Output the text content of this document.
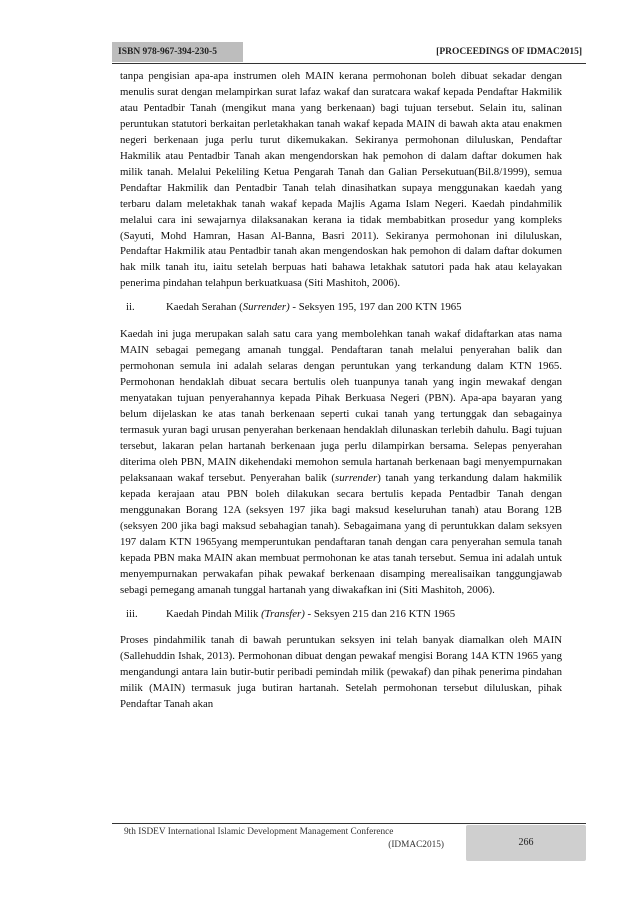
ISBN 978-967-394-230-5	[PROCEEDINGS OF IDMAC2015]

tanpa pengisian apa-apa instrumen oleh MAIN kerana permohonan boleh dibuat sekadar dengan menulis surat dengan melampirkan surat lafaz wakaf dan suratcara wakaf kepada Pendaftar Hakmilik atau Pentadbir Tanah (mengikut mana yang berkenaan) bagi tujuan tersebut. Selain itu, salinan peruntukan statutori berkaitan perletakhakan tanah wakaf kepada MAIN di bawah akta atau enakmen negeri berkenaan juga perlu turut dikemukakan. Sekiranya permohonan diluluskan, Pendaftar Hakmilik atau Pentadbir Tanah akan mengendorskan hak pemohon di dalam daftar dokumen hak milik tanah. Melalui Pekeliling Ketua Pengarah Tanah dan Galian Persekutuan(Bil.8/1999), semua Pendaftar Hakmilik dan Pentadbir Tanah telah dinasihatkan supaya menggunakan kaedah yang terbaru dalam meletakhak tanah wakaf kepada Majlis Agama Islam Negeri. Kaedah pindahmilik melalui cara ini sewajarnya dilaksanakan kerana ia tidak membabitkan prosedur yang kompleks (Sayuti, Mohd Hamran, Hasan Al-Banna, Basri 2011). Sekiranya permohonan ini diluluskan, Pendaftar Hakmilik atau Pentadbir tanah akan mengendoskan hak pemohon di dalam daftar dokumen hak milk tanah itu, iaitu setelah berpuas hati bahawa letakhak satutori pada hak atau kelayakan penerima pindahan telahpun berkuatkuasa (Siti Mashitoh, 2006).

ii.	Kaedah Serahan (Surrender) - Seksyen 195, 197 dan 200 KTN 1965

Kaedah ini juga merupakan salah satu cara yang membolehkan tanah wakaf didaftarkan atas nama MAIN sebagai pemegang amanah tunggal. Pendaftaran tanah melalui penyerahan balik dan permohonan semula ini adalah selaras dengan peruntukan yang terkandung dalam KTN 1965. Permohonan hendaklah dibuat secara bertulis oleh tuanpunya tanah yang ingin mewakaf dengan menyatakan tujuan penyerahannya kepada Pihak Berkuasa Negeri (PBN). Apa-apa bayaran yang belum dijelaskan ke atas tanah berkenaan seperti cukai tanah yang tertunggak dan sebagainya termasuk yuran bagi urusan penyerahan berkenaan hendaklah dilunaskan terlebih dahulu. Bagi tujuan tersebut, lakaran pelan hartanah berkenaan juga perlu dilampirkan bersama. Selepas penyerahan diterima oleh PBN, MAIN dikehendaki memohon semula hartanah berkenaan bagi menyempurnakan pelaksanaan wakaf tersebut. Penyerahan balik (surrender) tanah yang terkandung dalam hakmilik kepada kerajaan atau PBN boleh dilakukan secara bertulis kepada Pentadbir Tanah dengan menggunakan Borang 12A (seksyen 197 jika bagi maksud keseluruhan tanah) atau Borang 12B (seksyen 200 jika bagi maksud sebahagian tanah). Sebagaimana yang di peruntukkan dalam seksyen 197 dalam KTN 1965yang memperuntukan pendaftaran tanah dengan cara penyerahan semula tanah kepada PBN maka MAIN akan membuat permohonan ke atas tanah tersebut. Semua ini adalah untuk menyempurnakan perwakafan pihak pewakaf berkenaan disamping merealisaikan tanggungjawab sebagi pemegang amanah tunggal hartanah yang diwakafkan ini (Siti Mashitoh, 2006).

iii.	Kaedah Pindah Milik (Transfer) - Seksyen 215 dan 216 KTN 1965

Proses pindahmilik tanah di bawah peruntukan seksyen ini telah banyak diamalkan oleh MAIN (Sallehuddin Ishak, 2013). Permohonan dibuat dengan pewakaf mengisi Borang 14A KTN 1965 yang mengandungi antara lain butir-butir peribadi pemindah milik (pewakaf) dan pihak penerima pindahan milik (MAIN) termasuk juga butiran hartanah. Setelah permohonan tersebut diluluskan, pihak Pendaftar Tanah akan

9th ISDEV International Islamic Development Management Conference
(IDMAC2015)	266
